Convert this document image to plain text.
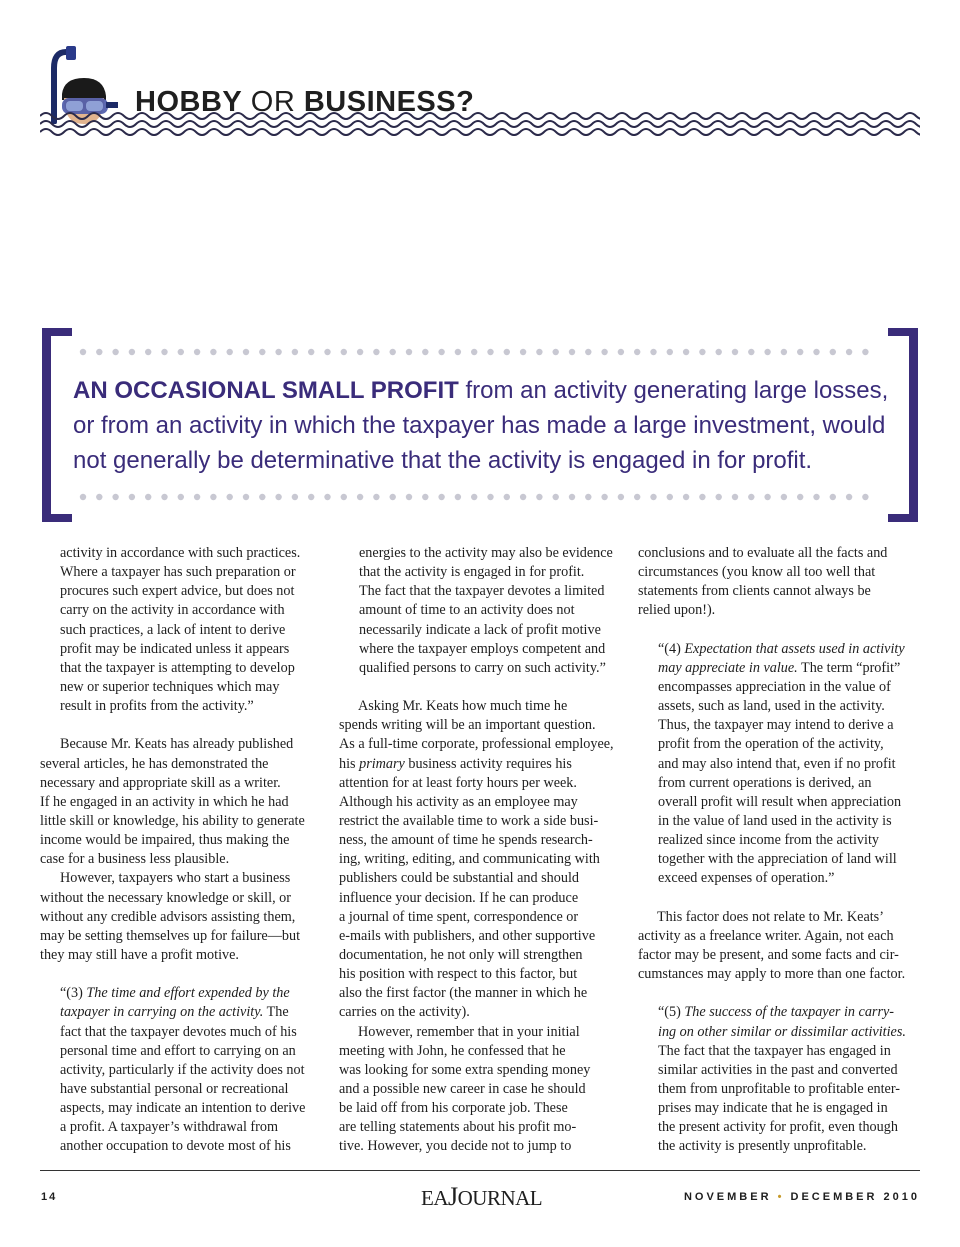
HOBBY OR BUSINESS?
AN OCCASIONAL SMALL PROFIT from an activity generating large losses,
or from an activity in which the taxpayer has made a large investment, would
not generally be determinative that the activity is engaged in for profit.
activity in accordance with such practices.
Where a taxpayer has such preparation or
procures such expert advice, but does not
carry on the activity in accordance with
such practices, a lack of intent to derive
profit may be indicated unless it appears
that the taxpayer is attempting to develop
new or superior techniques which may
result in profits from the activity.”
Because Mr. Keats has already published
several articles, he has demonstrated the
necessary and appropriate skill as a writer.
If he engaged in an activity in which he had
little skill or knowledge, his ability to generate
income would be impaired, thus making the
case for a business less plausible.
However, taxpayers who start a business
without the necessary knowledge or skill, or
without any credible advisors assisting them,
may be setting themselves up for failure—but
they may still have a profit motive.
“(3) The time and effort expended by the
taxpayer in carrying on the activity. The
fact that the taxpayer devotes much of his
personal time and effort to carrying on an
activity, particularly if the activity does not
have substantial personal or recreational
aspects, may indicate an intention to derive
a profit. A taxpayer’s withdrawal from
another occupation to devote most of his
energies to the activity may also be evidence
that the activity is engaged in for profit.
The fact that the taxpayer devotes a limited
amount of time to an activity does not
necessarily indicate a lack of profit motive
where the taxpayer employs competent and
qualified persons to carry on such activity.”
Asking Mr. Keats how much time he
spends writing will be an important question.
As a full-time corporate, professional employee,
his primary business activity requires his
attention for at least forty hours per week.
Although his activity as an employee may
restrict the available time to work a side busi-
ness, the amount of time he spends research-
ing, writing, editing, and communicating with
publishers could be substantial and should
influence your decision. If he can produce
a journal of time spent, correspondence or
e-mails with publishers, and other supportive
documentation, he not only will strengthen
his position with respect to this factor, but
also the first factor (the manner in which he
carries on the activity).
However, remember that in your initial
meeting with John, he confessed that he
was looking for some extra spending money
and a possible new career in case he should
be laid off from his corporate job. These
are telling statements about his profit mo-
tive. However, you decide not to jump to
conclusions and to evaluate all the facts and
circumstances (you know all too well that
statements from clients cannot always be
relied upon!).
“(4) Expectation that assets used in activity
may appreciate in value. The term “profit”
encompasses appreciation in the value of
assets, such as land, used in the activity.
Thus, the taxpayer may intend to derive a
profit from the operation of the activity,
and may also intend that, even if no profit
from current operations is derived, an
overall profit will result when appreciation
in the value of land used in the activity is
realized since income from the activity
together with the appreciation of land will
exceed expenses of operation.”
This factor does not relate to Mr. Keats’
activity as a freelance writer. Again, not each
factor may be present, and some facts and cir-
cumstances may apply to more than one factor.
“(5) The success of the taxpayer in carry-
ing on other similar or dissimilar activities.
The fact that the taxpayer has engaged in
similar activities in the past and converted
them from unprofitable to profitable enter-
prises may indicate that he is engaged in
the present activity for profit, even though
the activity is presently unprofitable.
14	EAJOURNAL	NOVEMBER • DECEMBER 2010
